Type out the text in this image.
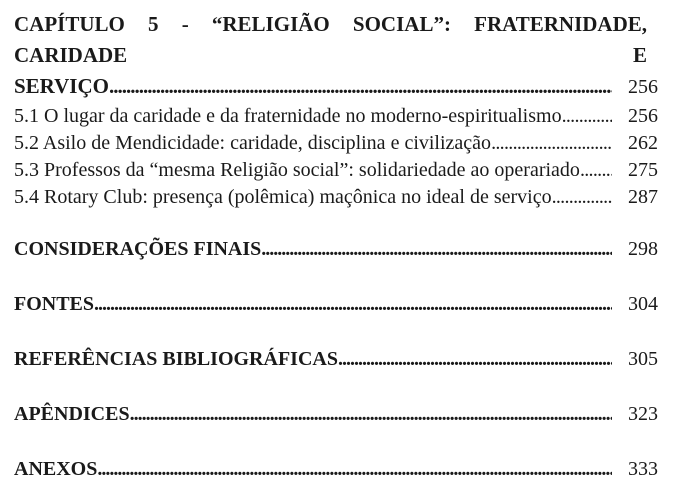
CAPÍTULO 5 - “RELIGIÃO SOCIAL”: FRATERNIDADE, CARIDADE E
SERVIÇO .....	256
5.1 O lugar da caridade e da fraternidade no moderno-espiritualismo .....	256
5.2 Asilo de Mendicidade: caridade, disciplina e civilização .....	262
5.3 Professos da “mesma Religião social”: solidariedade ao operariado .....	275
5.4 Rotary Club: presença (polêmica) maçônica no ideal de serviço .....	287
CONSIDERAÇÕES FINAIS .....	298
FONTES .....	304
REFERÊNCIAS BIBLIOGRÁFICAS .....	305
APÊNDICES .....	323
ANEXOS .....	333
